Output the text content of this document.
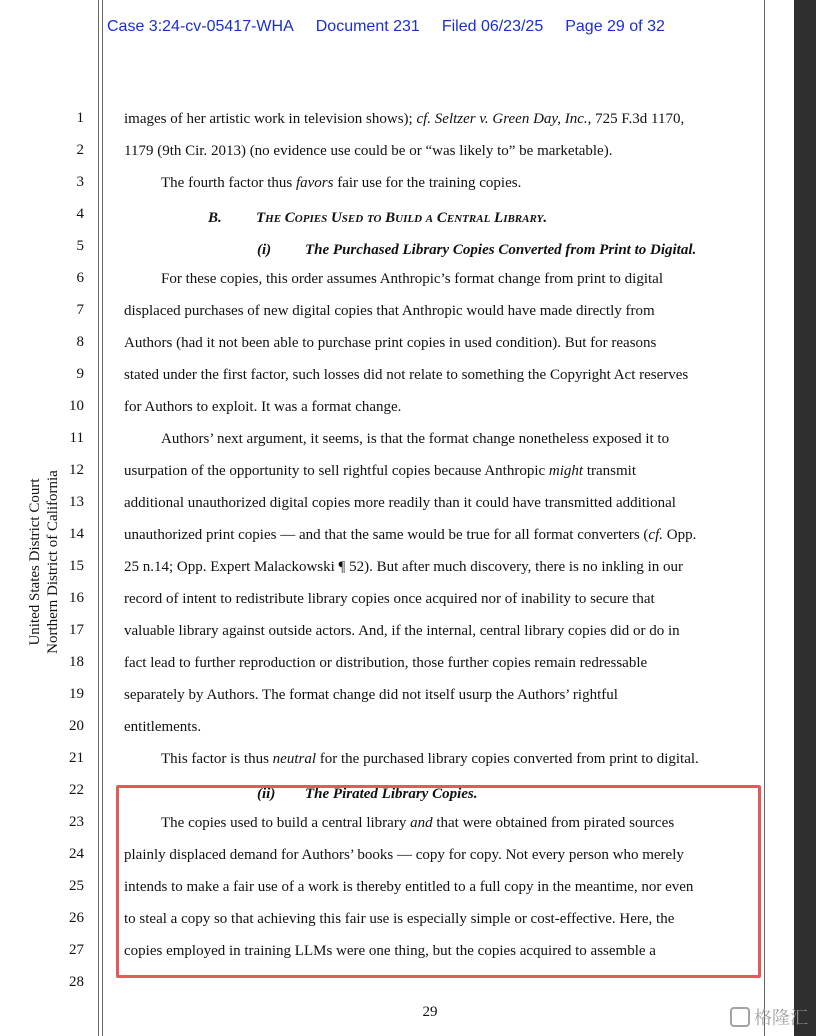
Case 3:24-cv-05417-WHA Document 231 Filed 06/23/25 Page 29 of 32
1
2
3
4
5
6
7
8
9
10
11
12
13
14
15
16
17
18
19
20
21
22
23
24
25
26
27
28
United States District Court Northern District of California
images of her artistic work in television shows); cf. Seltzer v. Green Day, Inc., 725 F.3d 1170,
1179 (9th Cir. 2013) (no evidence use could be or “was likely to” be marketable).
The fourth factor thus favors fair use for the training copies.
B. The Copies Used to Build a Central Library.
(i) The Purchased Library Copies Converted from Print to Digital.
For these copies, this order assumes Anthropic’s format change from print to digital
displaced purchases of new digital copies that Anthropic would have made directly from
Authors (had it not been able to purchase print copies in used condition). But for reasons
stated under the first factor, such losses did not relate to something the Copyright Act reserves
for Authors to exploit. It was a format change.
Authors’ next argument, it seems, is that the format change nonetheless exposed it to
usurpation of the opportunity to sell rightful copies because Anthropic might transmit
additional unauthorized digital copies more readily than it could have transmitted additional
unauthorized print copies — and that the same would be true for all format converters (cf. Opp.
25 n.14; Opp. Expert Malackowski ¶ 52). But after much discovery, there is no inkling in our
record of intent to redistribute library copies once acquired nor of inability to secure that
valuable library against outside actors. And, if the internal, central library copies did or do in
fact lead to further reproduction or distribution, those further copies remain redressable
separately by Authors. The format change did not itself usurp the Authors’ rightful
entitlements.
This factor is thus neutral for the purchased library copies converted from print to digital.
(ii) The Pirated Library Copies.
The copies used to build a central library and that were obtained from pirated sources
plainly displaced demand for Authors’ books — copy for copy. Not every person who merely
intends to make a fair use of a work is thereby entitled to a full copy in the meantime, nor even
to steal a copy so that achieving this fair use is especially simple or cost-effective. Here, the
copies employed in training LLMs were one thing, but the copies acquired to assemble a
29	格隆汇
